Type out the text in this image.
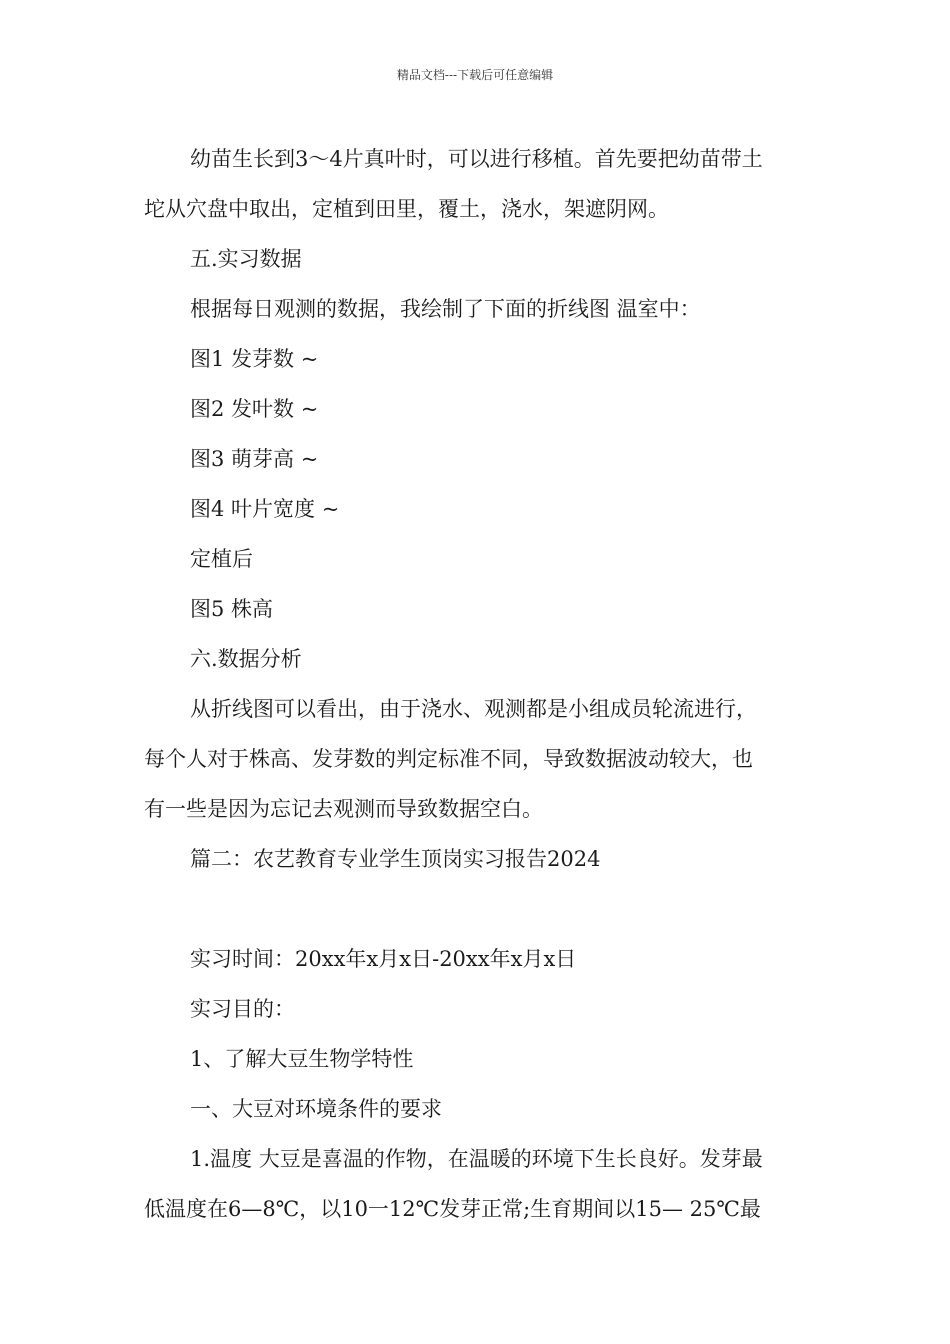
精品文档---下载后可任意编辑
幼苗生长到3～4片真叶时，可以进行移植。首先要把幼苗带土
坨从穴盘中取出，定植到田里，覆土，浇水，架遮阴网。
五.实习数据
根据每日观测的数据，我绘制了下面的折线图 温室中：
图1 发芽数 ~
图2 发叶数 ~
图3 萌芽高 ~
图4 叶片宽度 ~
定植后
图5 株高
六.数据分析
从折线图可以看出，由于浇水、观测都是小组成员轮流进行，
每个人对于株高、发芽数的判定标准不同，导致数据波动较大，也
有一些是因为忘记去观测而导致数据空白。
篇二：农艺教育专业学生顶岗实习报告2024
实习时间：20xx年x月x日-20xx年x月x日
实习目的：
1、了解大豆生物学特性
一、大豆对环境条件的要求
1.温度 大豆是喜温的作物，在温暖的环境下生长良好。发芽最
低温度在6—8℃，以10一12℃发芽正常;生育期间以15— 25℃最
